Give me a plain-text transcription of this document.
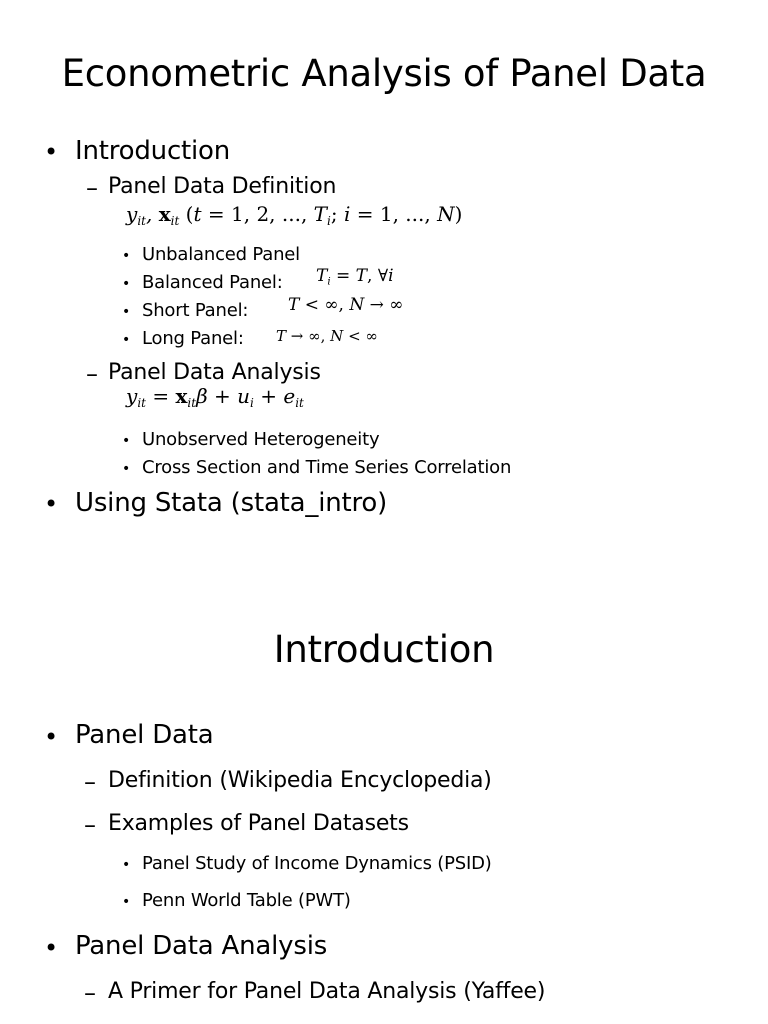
Econometric Analysis of Panel Data
• Introduction
– Panel Data Definition
$y_{it}$, $x_{it}$ (t = 1, 2, ..., $T_i$; i = 1, ..., N)
• Unbalanced Panel
• Balanced Panel: $T_i = T$, ∀i
• Short Panel: T < ∞, N → ∞
• Long Panel: T → ∞, N < ∞
– Panel Data Analysis
$y_{it} = x_{it}\beta + u_i + e_{it}$
• Unobserved Heterogeneity
• Cross Section and Time Series Correlation
• Using Stata (stata_intro)
Introduction
• Panel Data
– Definition (Wikipedia Encyclopedia)
– Examples of Panel Datasets
• Panel Study of Income Dynamics (PSID)
• Penn World Table (PWT)
• Panel Data Analysis
– A Primer for Panel Data Analysis (Yaffee)
